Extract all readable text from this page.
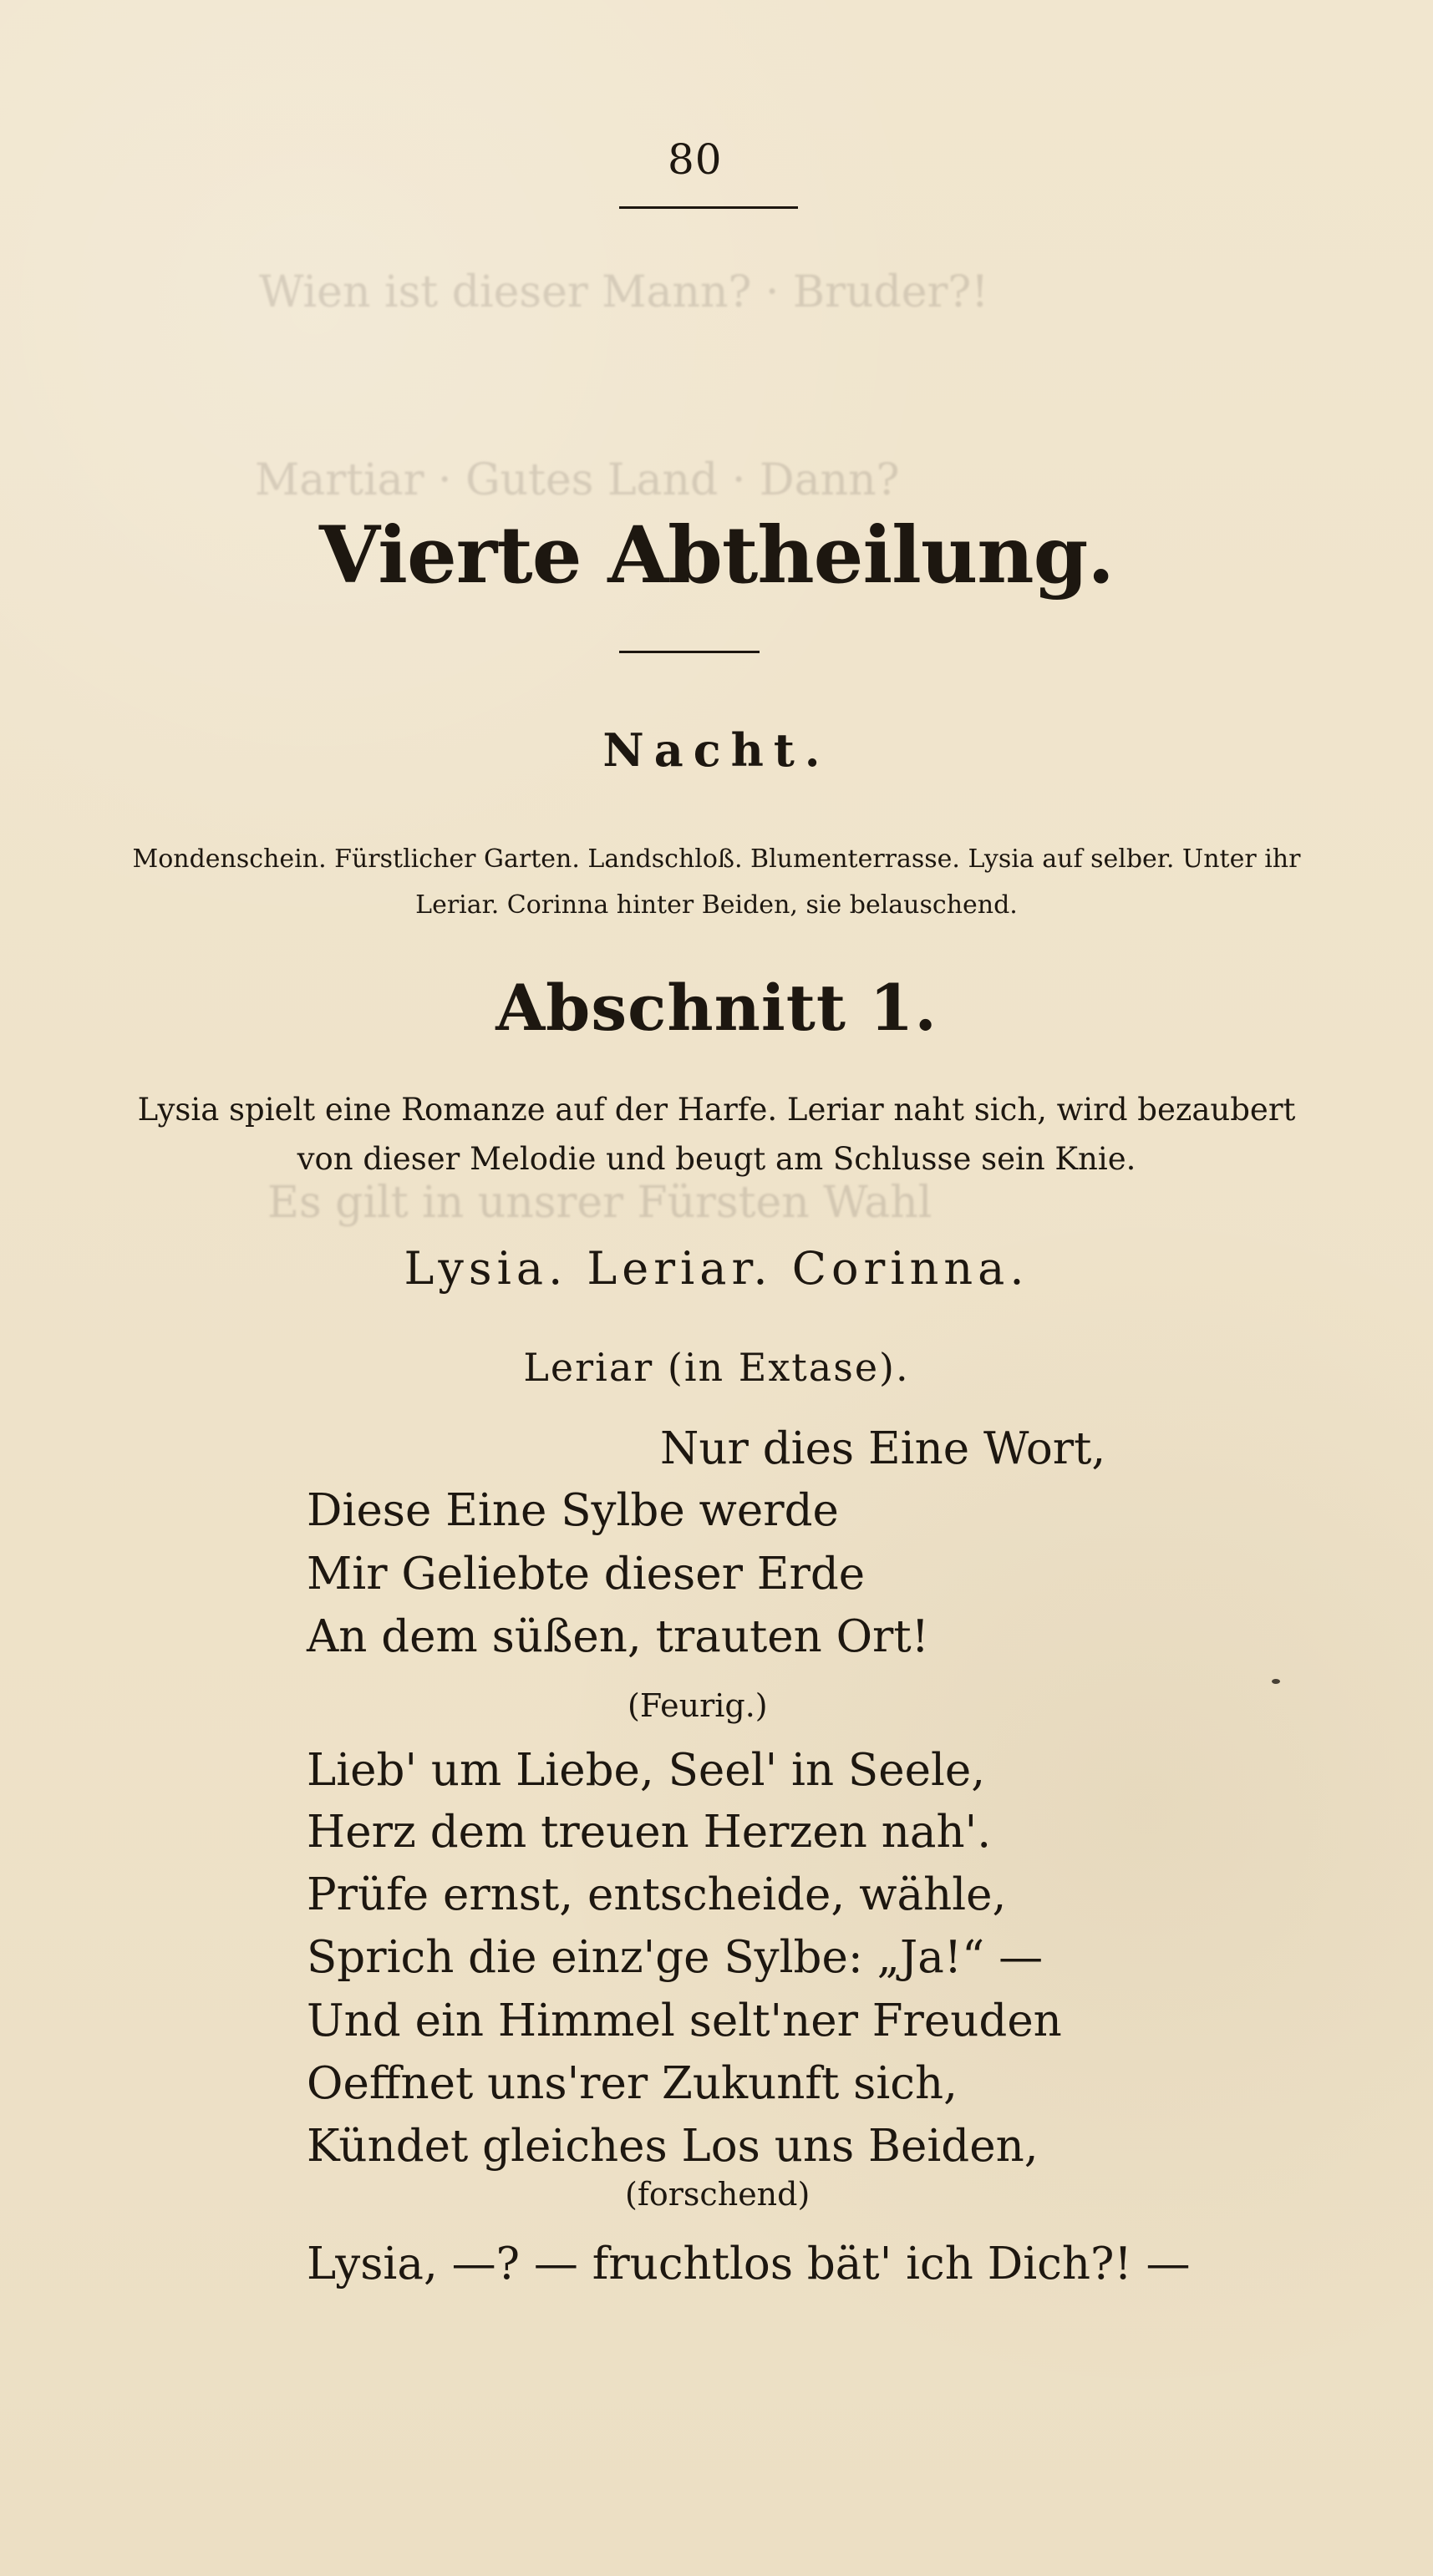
Wien ist dieser Mann? · Bruder?!
Martiar · Gutes Land · Dann?
Es gilt in unsrer Fürsten Wahl
80
Vierte Abtheilung.
Nacht.
Mondenschein. Fürstlicher Garten. Landschloß. Blumenterrasse. Lysia auf selber. Unter ihr
Leriar. Corinna hinter Beiden, sie belauschend.
Abschnitt 1.
Lysia spielt eine Romanze auf der Harfe. Leriar naht sich, wird bezaubert
von dieser Melodie und beugt am Schlusse sein Knie.
Lysia. Leriar. Corinna.
Leriar (in Extase).
Nur dies Eine Wort,
Diese Eine Sylbe werde
Mir Geliebte dieser Erde
An dem süßen, trauten Ort!
(Feurig.)
Lieb' um Liebe, Seel' in Seele,
Herz dem treuen Herzen nah'.
Prüfe ernst, entscheide, wähle,
Sprich die einz'ge Sylbe: „Ja!“ —
Und ein Himmel selt'ner Freuden
Oeffnet uns'rer Zukunft sich,
Kündet gleiches Los uns Beiden,
(forschend)
Lysia, —? — fruchtlos bät' ich Dich?! —
